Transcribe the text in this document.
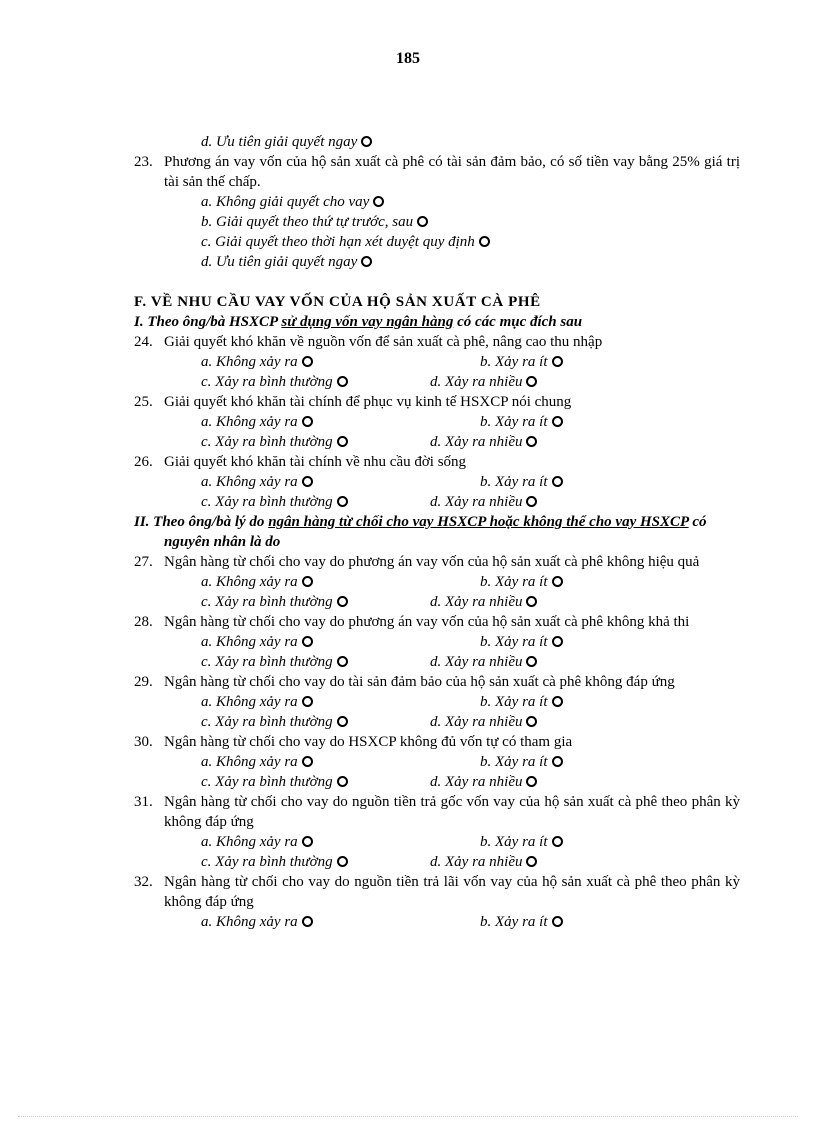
185
d. Ưu tiên giải quyết ngay
23. Phương án vay vốn của hộ sản xuất cà phê có tài sản đảm bảo, có số tiền vay bằng 25% giá trị tài sản thế chấp.
a. Không giải quyết cho vay
b. Giải quyết theo thứ tự trước, sau
c. Giải quyết theo thời hạn xét duyệt quy định
d. Ưu tiên giải quyết ngay
F. VỀ NHU CẦU VAY VỐN CỦA HỘ SẢN XUẤT CÀ PHÊ
I. Theo ông/bà HSXCP sử dụng vốn vay ngân hàng có các mục đích sau
24. Giải quyết khó khăn về nguồn vốn để sản xuất cà phê, nâng cao thu nhập
a. Không xảy ra	b. Xảy ra ít
c. Xảy ra bình thường	d. Xảy ra nhiều
25. Giải quyết khó khăn tài chính để phục vụ kinh tế HSXCP nói chung
a. Không xảy ra	b. Xảy ra ít
c. Xảy ra bình thường	d. Xảy ra nhiều
26. Giải quyết khó khăn tài chính về nhu cầu đời sống
a. Không xảy ra	b. Xảy ra ít
c. Xảy ra bình thường	d. Xảy ra nhiều
II. Theo ông/bà lý do ngân hàng từ chối cho vay HSXCP hoặc không thể cho vay HSXCP có nguyên nhân là do
27. Ngân hàng từ chối cho vay do phương án vay vốn của hộ sản xuất cà phê không hiệu quả
a. Không xảy ra	b. Xảy ra ít
c. Xảy ra bình thường	d. Xảy ra nhiều
28. Ngân hàng từ chối cho vay do phương án vay vốn của hộ sản xuất cà phê không khả thi
a. Không xảy ra	b. Xảy ra ít
c. Xảy ra bình thường	d. Xảy ra nhiều
29. Ngân hàng từ chối cho vay do tài sản đảm bảo của hộ sản xuất cà phê không đáp ứng
a. Không xảy ra	b. Xảy ra ít
c. Xảy ra bình thường	d. Xảy ra nhiều
30. Ngân hàng từ chối cho vay do HSXCP không đủ vốn tự có tham gia
a. Không xảy ra	b. Xảy ra ít
c. Xảy ra bình thường	d. Xảy ra nhiều
31. Ngân hàng từ chối cho vay do nguồn tiền trả gốc vốn vay của hộ sản xuất cà phê theo phân kỳ không đáp ứng
a. Không xảy ra	b. Xảy ra ít
c. Xảy ra bình thường	d. Xảy ra nhiều
32. Ngân hàng từ chối cho vay do nguồn tiền trả lãi vốn vay của hộ sản xuất cà phê theo phân kỳ không đáp ứng
a. Không xảy ra	b. Xảy ra ít
